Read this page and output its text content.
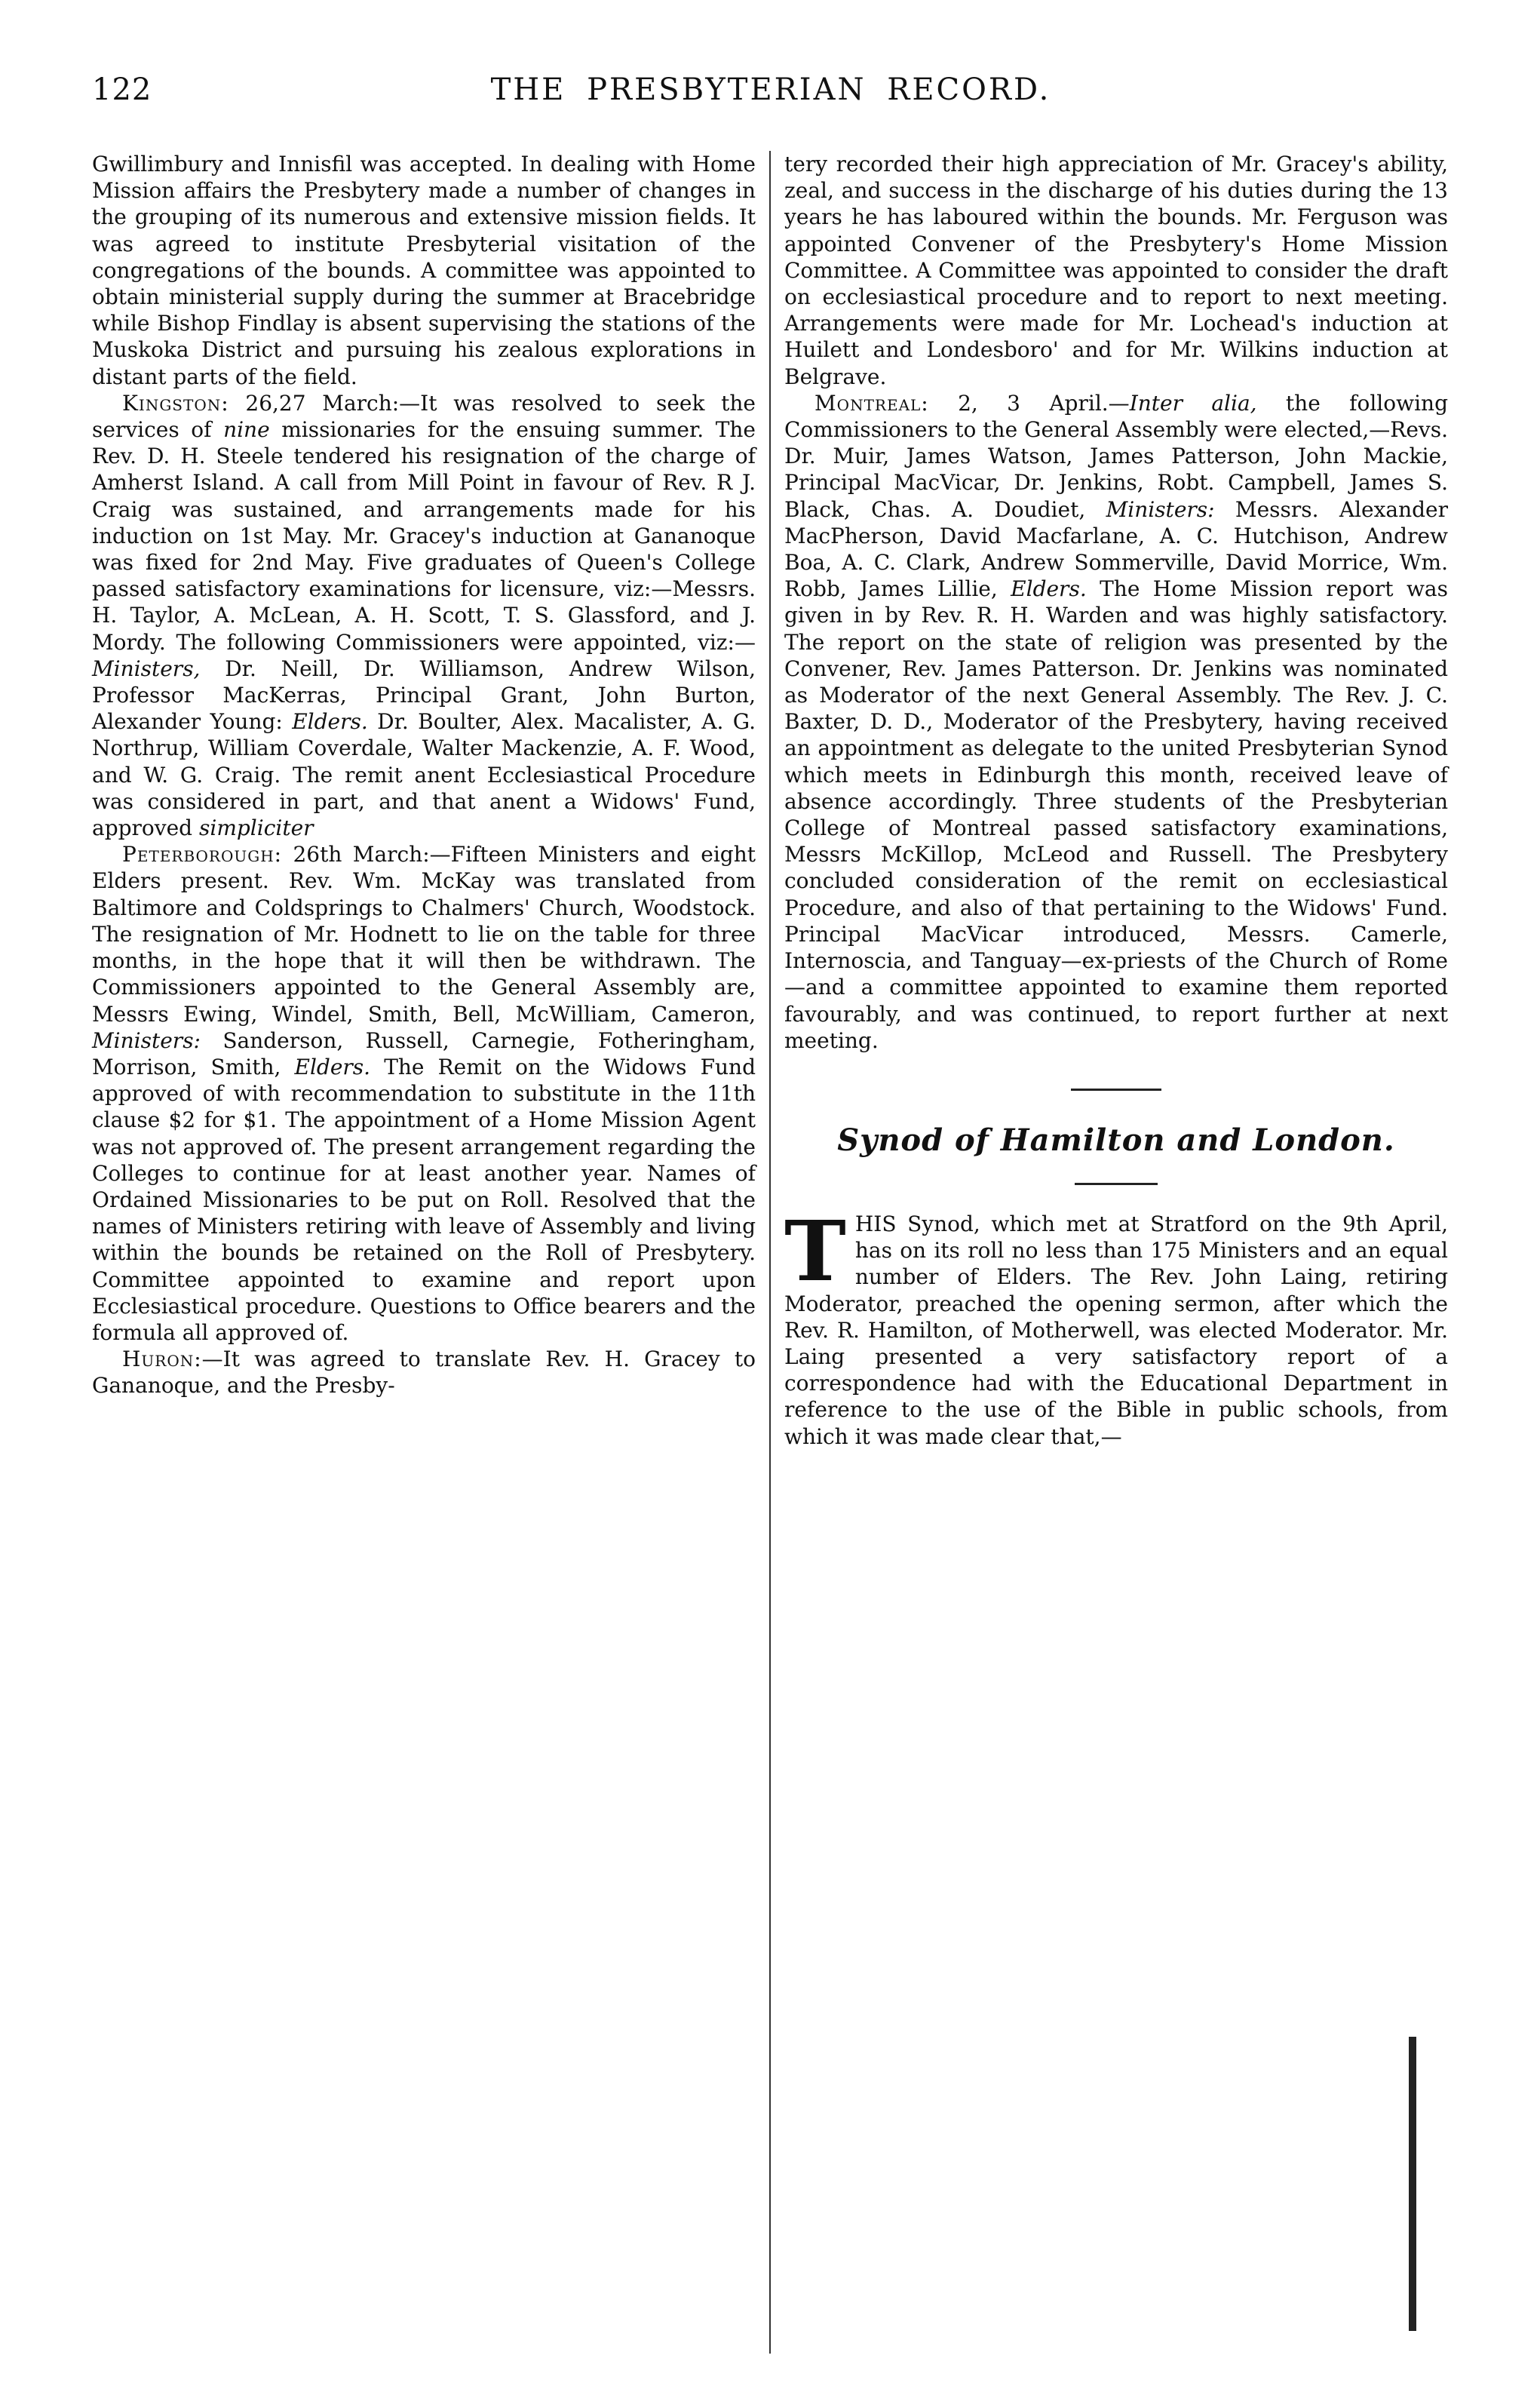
122	THE PRESBYTERIAN RECORD.

Gwillimbury and Innisfil was accepted. In dealing with Home Mission affairs the Presbytery made a number of changes in the grouping of its numerous and extensive mission fields. It was agreed to institute Presbyterial visitation of the congregations of the bounds. A committee was appointed to obtain ministerial supply during the summer at Bracebridge while Bishop Findlay is absent supervising the stations of the Muskoka District and pursuing his zealous explorations in distant parts of the field.

Kingston: 26,27 March:—It was resolved to seek the services of nine missionaries for the ensuing summer. The Rev. D. H. Steele tendered his resignation of the charge of Amherst Island. A call from Mill Point in favour of Rev. R J. Craig was sustained, and arrangements made for his induction on 1st May. Mr. Gracey's induction at Gananoque was fixed for 2nd May. Five graduates of Queen's College passed satisfactory examinations for licensure, viz:—Messrs. H. Taylor, A. McLean, A. H. Scott, T. S. Glassford, and J. Mordy. The following Commissioners were appointed, viz:— Ministers, Dr. Neill, Dr. Williamson, Andrew Wilson, Professor MacKerras, Principal Grant, John Burton, Alexander Young: Elders. Dr. Boulter, Alex. Macalister, A. G. Northrup, William Coverdale, Walter Mackenzie, A. F. Wood, and W. G. Craig. The remit anent Ecclesiastical Procedure was considered in part, and that anent a Widows' Fund, approved simpliciter

Peterborough: 26th March:—Fifteen Ministers and eight Elders present. Rev. Wm. McKay was translated from Baltimore and Coldsprings to Chalmers' Church, Woodstock. The resignation of Mr. Hodnett to lie on the table for three months, in the hope that it will then be withdrawn. The Commissioners appointed to the General Assembly are, Messrs Ewing, Windel, Smith, Bell, McWilliam, Cameron, Ministers: Sanderson, Russell, Carnegie, Fotheringham, Morrison, Smith, Elders. The Remit on the Widows Fund approved of with recommendation to substitute in the 11th clause $2 for $1. The appointment of a Home Mission Agent was not approved of. The present arrangement regarding the Colleges to continue for at least another year. Names of Ordained Missionaries to be put on Roll. Resolved that the names of Ministers retiring with leave of Assembly and living within the bounds be retained on the Roll of Presbytery. Committee appointed to examine and report upon Ecclesiastical procedure. Questions to Office bearers and the formula all approved of.

Huron:—It was agreed to translate Rev. H. Gracey to Gananoque, and the Presby-

tery recorded their high appreciation of Mr. Gracey's ability, zeal, and success in the discharge of his duties during the 13 years he has laboured within the bounds. Mr. Ferguson was appointed Convener of the Presbytery's Home Mission Committee. A Committee was appointed to consider the draft on ecclesiastical procedure and to report to next meeting. Arrangements were made for Mr. Lochead's induction at Huilett and Londesboro' and for Mr. Wilkins induction at Belgrave.

Montreal: 2, 3 April.—Inter alia, the following Commissioners to the General Assembly were elected,—Revs. Dr. Muir, James Watson, James Patterson, John Mackie, Principal MacVicar, Dr. Jenkins, Robt. Campbell, James S. Black, Chas. A. Doudiet, Ministers: Messrs. Alexander MacPherson, David Macfarlane, A. C. Hutchison, Andrew Boa, A. C. Clark, Andrew Sommerville, David Morrice, Wm. Robb, James Lillie, Elders. The Home Mission report was given in by Rev. R. H. Warden and was highly satisfactory. The report on the state of religion was presented by the Convener, Rev. James Patterson. Dr. Jenkins was nominated as Moderator of the next General Assembly. The Rev. J. C. Baxter, D. D., Moderator of the Presbytery, having received an appointment as delegate to the united Presbyterian Synod which meets in Edinburgh this month, received leave of absence accordingly. Three students of the Presbyterian College of Montreal passed satisfactory examinations, Messrs McKillop, McLeod and Russell. The Presbytery concluded consideration of the remit on ecclesiastical Procedure, and also of that pertaining to the Widows' Fund. Principal MacVicar introduced, Messrs. Camerle, Internoscia, and Tanguay—ex-priests of the Church of Rome—and a committee appointed to examine them reported favourably, and was continued, to report further at next meeting.

Synod of Hamilton and London.

THIS Synod, which met at Stratford on the 9th April, has on its roll no less than 175 Ministers and an equal number of Elders. The Rev. John Laing, retiring Moderator, preached the opening sermon, after which the Rev. R. Hamilton, of Motherwell, was elected Moderator. Mr. Laing presented a very satisfactory report of a correspondence had with the Educational Department in reference to the use of the Bible in public schools, from which it was made clear that,—
